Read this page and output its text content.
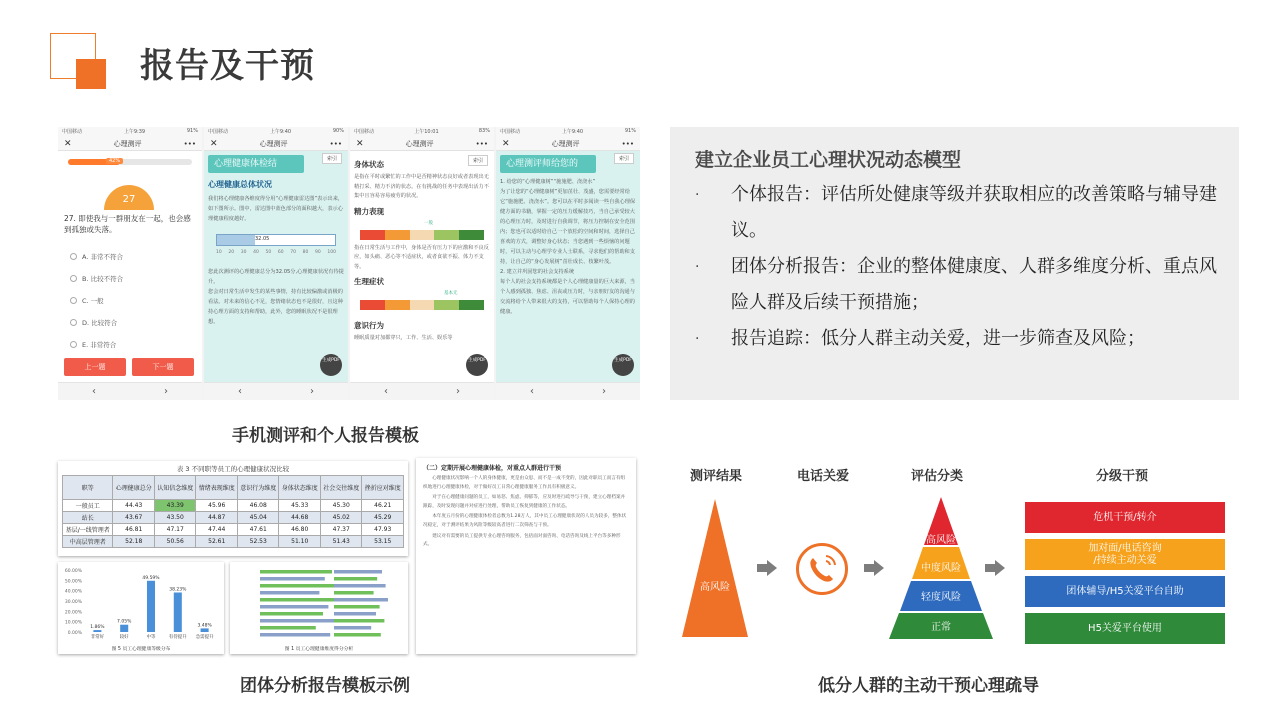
报告及干预
中国移动	上午9:39	91%
✕	心理测评	•••
42%
27
27. 即使我与一群朋友在一起，也会感到孤独或失落。
A. 非常不符合
B. 比较不符合
C. 一般
D. 比较符合
E. 非常符合
上一题	下一题
‹	›
中国移动	上午9:40	90%
✕	心理测评	•••
心理健康体检结	索引
心理健康总体状况
我们将心理健康各维度得分用“心理健康雷达图”表示出来，如下图所示。图中，雷达图中蓝色部分的面积越大，表示心理健康程度越好。
32.05
10 20 30 40 50 60 70 80 90 100
您此次测评的心理健康总分为32.05分,心理健康状况有待提升。
您会对日常生活中发生的某些事情，持有比较偏激或消极的看法。对未来的信心不足，您情绪状态也不是很好，且这种持心理方面的支持和帮助，此外，您的睡眠状况不是很理想。
生成PDF
‹	›
中国移动	上午10:01	83%
✕	心理测评	•••
索引
身体状态
是指在平时或繁忙的工作中是否精神状态良好或者表现出无精打采、精力不济的状态。在有挑战的任务中表现出活力不集中且容易容易疲劳的状况。
精力表现
一般
指在日常生活与工作中，身体是否有压力下的应激和不良反应，如头痛、恶心等不适症状，或者食欲不振、体力不支等。
生理症状
基本无
意识行为
睡眠质量对加都穿只，工作、生活、娱乐等
生成PDF
‹	›
中国移动	上午9:40	91%
✕	心理测评	•••
心理测评师给您的	索引
1. 给您的“心理健康树”“施施肥、浇浇水”
为了让您的“心理健康树”更加茁壮、茂盛，您需要经常给它“施施肥、浇浇水”。您可以在平时多阅读一些自我心理保健方面的书籍，掌握一定的压力缓解技巧，当自己承受较大的心理压力时，及时进行自我调节，将压力控制在安全范围内；您也可以适时给自己一个放松的空间和时间，选择自己喜欢的方式，调整好身心状态；当您遇到一些烦恼的问题时，可以主动与心理学专业人士联系，寻求他们的帮助和支持，让自己的“身心发展树”茁壮成长、枝繁叶茂。
2. 建立并巩固您的社会支持系统
每个人的社会支持系统都是个人心理健康量的巨大来源，当个人感到孤独、焦虑、沮丧或压力时，与亲朋好友的沟通与交流将给个人带来很大的支持，可以帮助每个人保持心理的健康。
生成PDF
‹	›
建立企业员工心理状况动态模型
·	个体报告：评估所处健康等级并获取相应的改善策略与辅导建议。
·	团体分析报告：企业的整体健康度、人群多维度分析、重点风险人群及后续干预措施；
·	报告追踪：低分人群主动关爱，进一步筛查及风险；
手机测评和个人报告模板
表 3 不同职等员工的心理健康状况比较
职等	心理健康总分	认知信念维度	情绪表现维度	意识行为维度	身体状态维度	社会交往维度	挫折应对维度
一般员工	44.43	43.39	45.96	46.08	45.33	45.30	46.21
站长	43.67	43.50	44.87	45.04	44.68	45.02	45.29
基层/一线管理者	46.81	47.17	47.44	47.61	46.80	47.37	47.93
中高层管理者	52.18	50.56	52.61	52.53	51.10	51.43	53.15
0.00%
10.00%
20.00%
30.00%
40.00%
50.00%
60.00%
1.86%
非常好
7.05%
较好
49.59%
中等
38.23%
有待提升
3.48%
急需提升
图 5 员工心理健康等级分布	图 1 员工心理健康维度得分分析
（二）定期开展心理健康体检，对重点人群进行干预
心理健康状况影响一个人的身体健康，更是由众思、而不是一成不变的，因此对职员工而言有组织地进行心理健康体检，对于做好员工日常心理健康服务工作具有积极意义。
对于在心理健康问题的员工，如易怒、焦虑、抑郁等，应及时进行疏导与干预，建立心理档案并跟踪，及时发现问题并对症进行处理，帮助员工恢复到健康的工作状态。
本年度五月份的心理健康体检者总数为1.28万人，其中员工心理健康状况的人员为较多，整体状况稳定，对于测评结果为风险等级较高者进行二次筛查与干预。
建议对有需要的员工提供专业心理咨询服务，包括面对面咨询、电话咨询及线上平台等多种形式。
团体分析报告模板示例
测评结果	电话关爱	评估分类	分级干预
高风险
高风险
中度风险
轻度风险
正常
危机干预/转介
加对面/电话咨询
/持续主动关爱
团体辅导/H5关爱平台自助
H5关爱平台使用
低分人群的主动干预心理疏导
